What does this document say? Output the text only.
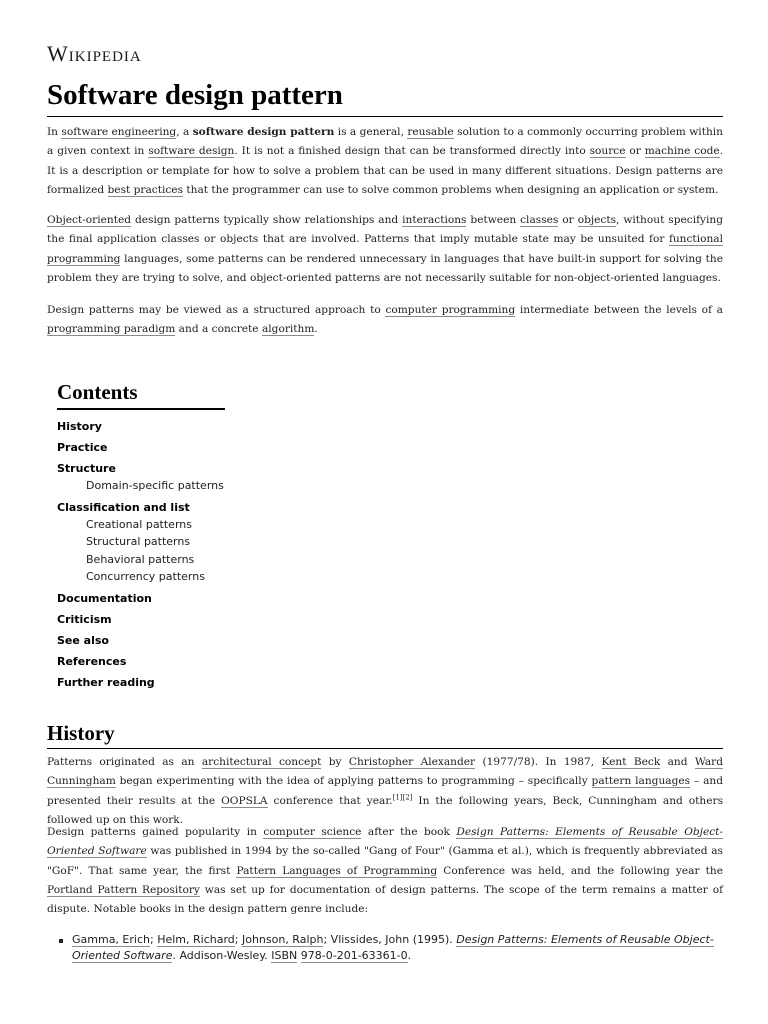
Wikipedia
Software design pattern

In software engineering, a software design pattern is a general, reusable solution to a commonly occurring problem within a given context in software design. It is not a finished design that can be transformed directly into source or machine code. It is a description or template for how to solve a problem that can be used in many different situations. Design patterns are formalized best practices that the programmer can use to solve common problems when designing an application or system.

Object-oriented design patterns typically show relationships and interactions between classes or objects, without specifying the final application classes or objects that are involved. Patterns that imply mutable state may be unsuited for functional programming languages, some patterns can be rendered unnecessary in languages that have built-in support for solving the problem they are trying to solve, and object-oriented patterns are not necessarily suitable for non-object-oriented languages.

Design patterns may be viewed as a structured approach to computer programming intermediate between the levels of a programming paradigm and a concrete algorithm.

Contents
History
Practice
Structure
Domain-specific patterns
Classification and list
Creational patterns
Structural patterns
Behavioral patterns
Concurrency patterns
Documentation
Criticism
See also
References
Further reading
History

Patterns originated as an architectural concept by Christopher Alexander (1977/78). In 1987, Kent Beck and Ward Cunningham began experimenting with the idea of applying patterns to programming – specifically pattern languages – and presented their results at the OOPSLA conference that year.[1][2] In the following years, Beck, Cunningham and others followed up on this work.

Design patterns gained popularity in computer science after the book Design Patterns: Elements of Reusable Object-Oriented Software was published in 1994 by the so-called "Gang of Four" (Gamma et al.), which is frequently abbreviated as "GoF". That same year, the first Pattern Languages of Programming Conference was held, and the following year the Portland Pattern Repository was set up for documentation of design patterns. The scope of the term remains a matter of dispute. Notable books in the design pattern genre include:

Gamma, Erich; Helm, Richard; Johnson, Ralph; Vlissides, John (1995). Design Patterns: Elements of Reusable Object-Oriented Software. Addison-Wesley. ISBN 978-0-201-63361-0.
